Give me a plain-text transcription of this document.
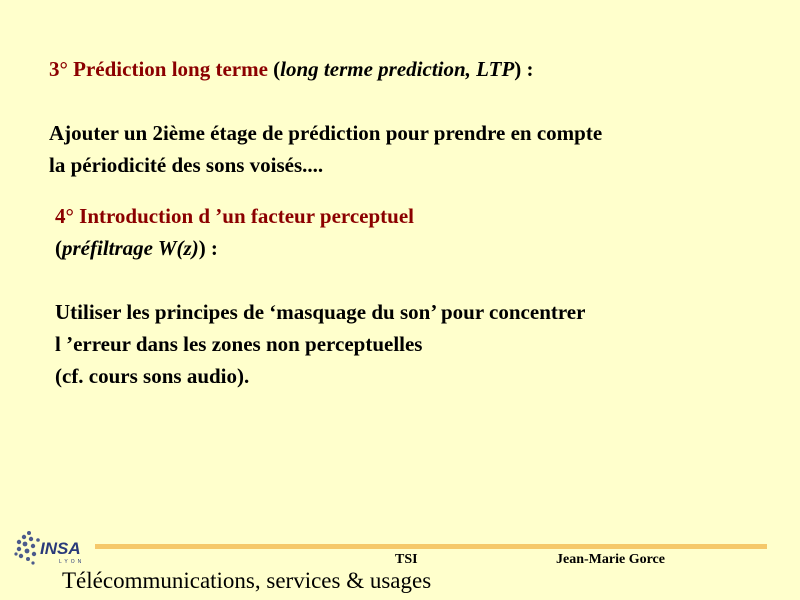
3° Prédiction long terme (long terme prediction, LTP) :
Ajouter un 2ième étage de prédiction pour prendre en compte
la périodicité des sons voisés....
4° Introduction d ’un facteur perceptuel
(préfiltrage W(z)) :
Utiliser les principes de ‘masquage du son’ pour concentrer
l ’erreur dans les zones non perceptuelles
(cf. cours sons audio).
INSA
LYON	TSI	Jean-Marie Gorce
Télécommunications, services & usages
